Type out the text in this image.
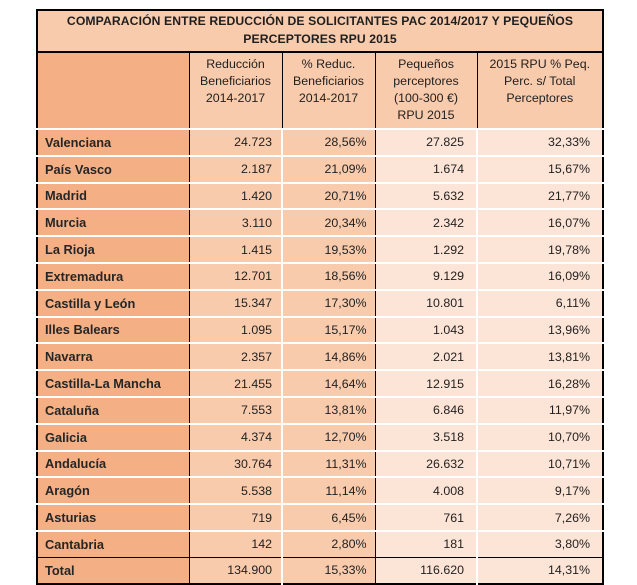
COMPARACIÓN ENTRE REDUCCIÓN DE SOLICITANTES PAC 2014/2017 Y PEQUEÑOS PERCEPTORES RPU 2015				

	Reducción Beneficiarios 2014-2017	% Reduc. Beneficiarios 2014-2017	Pequeños perceptores (100-300 €) RPU 2015	2015 RPU % Peq. Perc. s/ Total Perceptores
Valenciana	24.723	28,56%	27.825	32,33%
País Vasco	2.187	21,09%	1.674	15,67%
Madrid	1.420	20,71%	5.632	21,77%
Murcia	3.110	20,34%	2.342	16,07%
La Rioja	1.415	19,53%	1.292	19,78%
Extremadura	12.701	18,56%	9.129	16,09%
Castilla y León	15.347	17,30%	10.801	6,11%
Illes Balears	1.095	15,17%	1.043	13,96%
Navarra	2.357	14,86%	2.021	13,81%
Castilla-La Mancha	21.455	14,64%	12.915	16,28%
Cataluña	7.553	13,81%	6.846	11,97%
Galicia	4.374	12,70%	3.518	10,70%
Andalucía	30.764	11,31%	26.632	10,71%
Aragón	5.538	11,14%	4.008	9,17%
Asturias	719	6,45%	761	7,26%
Cantabria	142	2,80%	181	3,80%
Total	134.900	15,33%	116.620	14,31%
